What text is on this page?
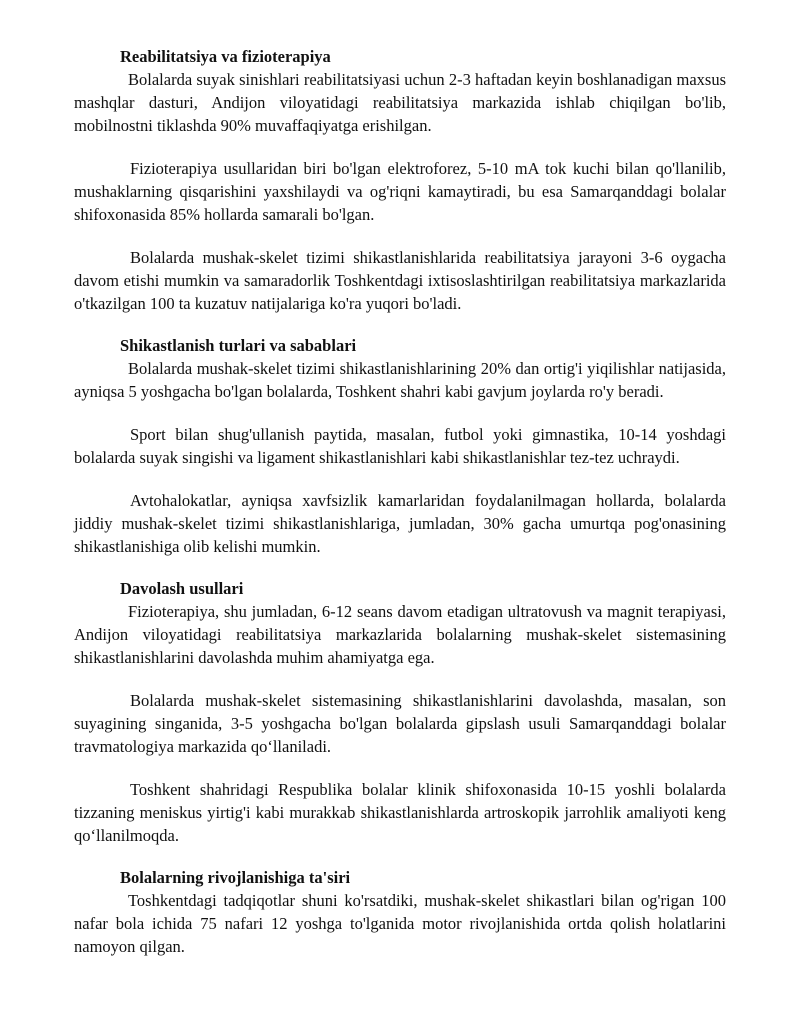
Reabilitatsiya va fizioterapiya

Bolalarda suyak sinishlari reabilitatsiyasi uchun 2-3 haftadan keyin boshlanadigan maxsus mashqlar dasturi, Andijon viloyatidagi reabilitatsiya markazida ishlab chiqilgan bo'lib, mobilnostni tiklashda 90% muvaffaqiyatga erishilgan.

Fizioterapiya usullaridan biri bo'lgan elektroforez, 5-10 mA tok kuchi bilan qo'llanilib, mushaklarning qisqarishini yaxshilaydi va og'riqni kamaytiradi, bu esa Samarqanddagi bolalar shifoxonasida 85% hollarda samarali bo'lgan.

Bolalarda mushak-skelet tizimi shikastlanishlarida reabilitatsiya jarayoni 3-6 oygacha davom etishi mumkin va samaradorlik Toshkentdagi ixtisoslashtirilgan reabilitatsiya markazlarida o'tkazilgan 100 ta kuzatuv natijalariga ko'ra yuqori bo'ladi.

Shikastlanish turlari va sabablari

Bolalarda mushak-skelet tizimi shikastlanishlarining 20% dan ortig'i yiqilishlar natijasida, ayniqsa 5 yoshgacha bo'lgan bolalarda, Toshkent shahri kabi gavjum joylarda ro'y beradi.

Sport bilan shug'ullanish paytida, masalan, futbol yoki gimnastika, 10-14 yoshdagi bolalarda suyak singishi va ligament shikastlanishlari kabi shikastlanishlar tez-tez uchraydi.

Avtohalokatlar, ayniqsa xavfsizlik kamarlaridan foydalanilmagan hollarda, bolalarda jiddiy mushak-skelet tizimi shikastlanishlariga, jumladan, 30% gacha umurtqa pog'onasining shikastlanishiga olib kelishi mumkin.

Davolash usullari

Fizioterapiya, shu jumladan, 6-12 seans davom etadigan ultratovush va magnit terapiyasi, Andijon viloyatidagi reabilitatsiya markazlarida bolalarning mushak-skelet sistemasining shikastlanishlarini davolashda muhim ahamiyatga ega.

Bolalarda mushak-skelet sistemasining shikastlanishlarini davolashda, masalan, son suyagining singanida, 3-5 yoshgacha bo'lgan bolalarda gipslash usuli Samarqanddagi bolalar travmatologiya markazida qo‘llaniladi.

Toshkent shahridagi Respublika bolalar klinik shifoxonasida 10-15 yoshli bolalarda tizzaning meniskus yirtig'i kabi murakkab shikastlanishlarda artroskopik jarrohlik amaliyoti keng qo‘llanilmoqda.

Bolalarning rivojlanishiga ta'siri

Toshkentdagi tadqiqotlar shuni ko'rsatdiki, mushak-skelet shikastlari bilan og'rigan 100 nafar bola ichida 75 nafari 12 yoshga to'lganida motor rivojlanishida ortda qolish holatlarini namoyon qilgan.
